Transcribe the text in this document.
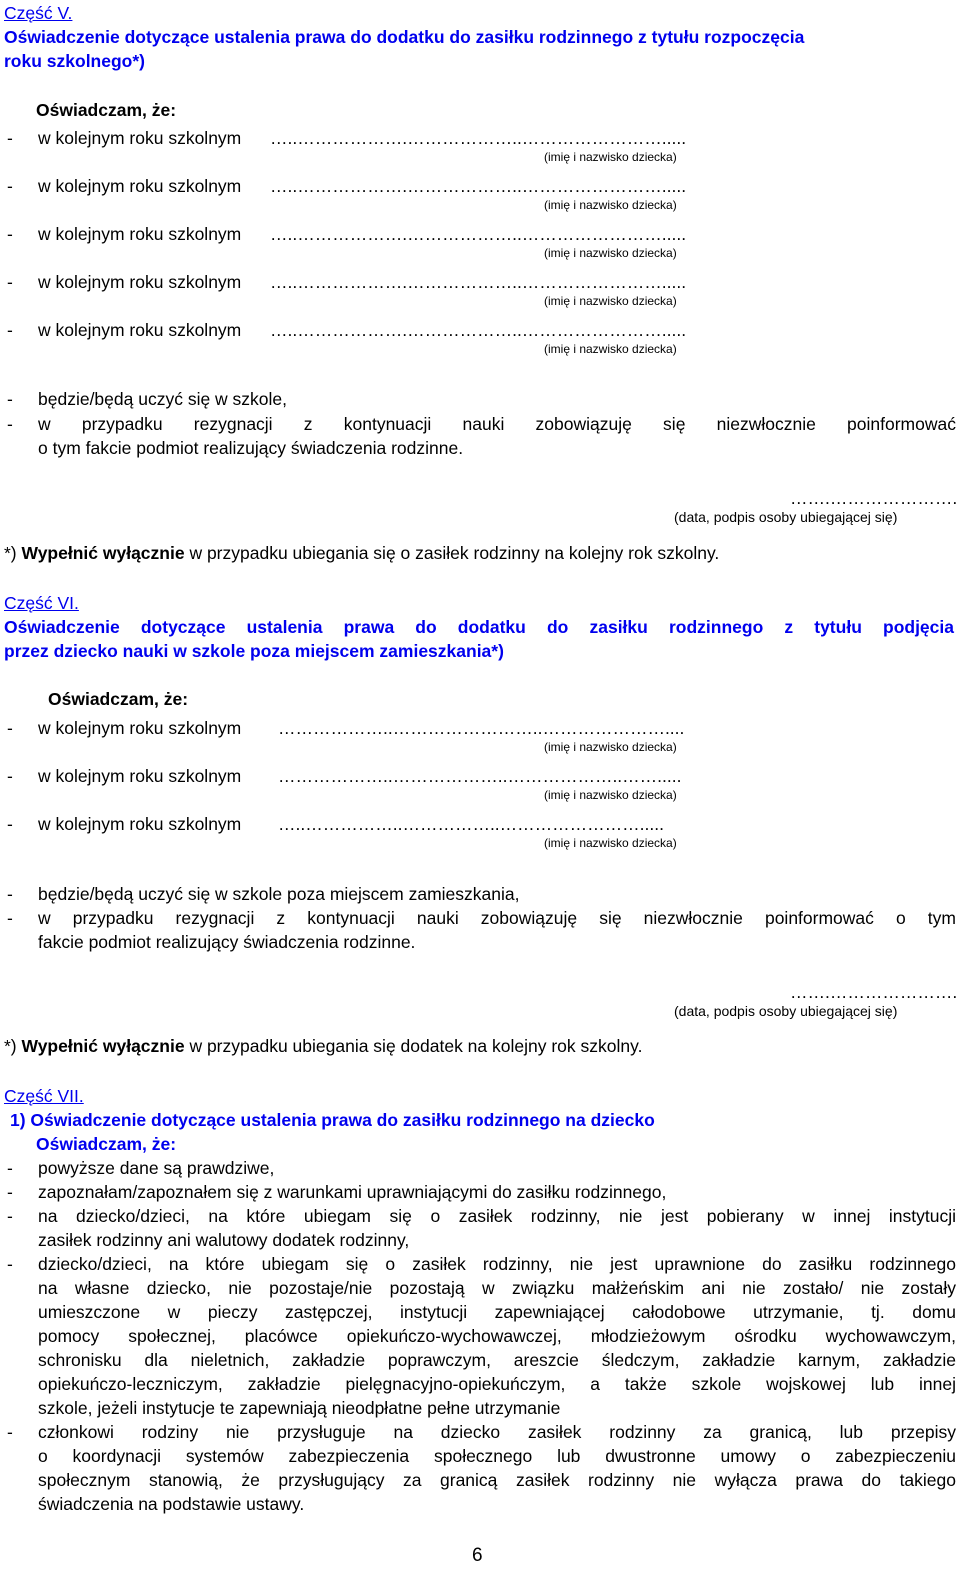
Część V.
Oświadczenie dotyczące ustalenia prawa do dodatku do zasiłku rodzinnego z tytułu rozpoczęcia
roku szkolnego*)
Oświadczam, że:
- w kolejnym roku szkolnym …..……………….………………..…………………….....
(imię i nazwisko dziecka)
- w kolejnym roku szkolnym …..……………….………………..…………………….....
(imię i nazwisko dziecka)
- w kolejnym roku szkolnym …..……………….………………..…………………….....
(imię i nazwisko dziecka)
- w kolejnym roku szkolnym …..……………….………………..…………………….....
(imię i nazwisko dziecka)
- w kolejnym roku szkolnym …..……………….………………..…………………….....
(imię i nazwisko dziecka)
- będzie/będą uczyć się w szkole,
- w przypadku rezygnacji z kontynuacji nauki zobowiązuję się niezwłocznie poinformować
o tym fakcie podmiot realizujący świadczenia rodzinne.
…….………………….
(data, podpis osoby ubiegającej się)
*) Wypełnić wyłącznie w przypadku ubiegania się o zasiłek rodzinny na kolejny rok szkolny.
Część VI.
Oświadczenie dotyczące ustalenia prawa do dodatku do zasiłku rodzinnego z tytułu podjęcia
przez dziecko nauki w szkole poza miejscem zamieszkania*)
Oświadczam, że:
- w kolejnym roku szkolnym ………………..……………………..…………………....
(imię i nazwisko dziecka)
- w kolejnym roku szkolnym ………………..………………..………………..…….....
(imię i nazwisko dziecka)
- w kolejnym roku szkolnym …..……………..……………..…………………….....
(imię i nazwisko dziecka)
- będzie/będą uczyć się w szkole poza miejscem zamieszkania,
- w przypadku rezygnacji z kontynuacji nauki zobowiązuję się niezwłocznie poinformować o tym
fakcie podmiot realizujący świadczenia rodzinne.
…….………………….
(data, podpis osoby ubiegającej się)
*) Wypełnić wyłącznie w przypadku ubiegania się dodatek na kolejny rok szkolny.
Część VII.
1) Oświadczenie dotyczące ustalenia prawa do zasiłku rodzinnego na dziecko
Oświadczam, że:
- powyższe dane są prawdziwe,
- zapoznałam/zapoznałem się z warunkami uprawniającymi do zasiłku rodzinnego,
- na dziecko/dzieci, na które ubiegam się o zasiłek rodzinny, nie jest pobierany w innej instytucji
zasiłek rodzinny ani walutowy dodatek rodzinny,
- dziecko/dzieci, na które ubiegam się o zasiłek rodzinny, nie jest uprawnione do zasiłku rodzinnego
na własne dziecko, nie pozostaje/nie pozostają w związku małżeńskim ani nie zostało/ nie zostały
umieszczone w pieczy zastępczej, instytucji zapewniającej całodobowe utrzymanie, tj. domu
pomocy społecznej, placówce opiekuńczo-wychowawczej, młodzieżowym ośrodku wychowawczym,
schronisku dla nieletnich, zakładzie poprawczym, areszcie śledczym, zakładzie karnym, zakładzie
opiekuńczo-leczniczym, zakładzie pielęgnacyjno-opiekuńczym, a także szkole wojskowej lub innej
szkole, jeżeli instytucje te zapewniają nieodpłatne pełne utrzymanie
- członkowi rodziny nie przysługuje na dziecko zasiłek rodzinny za granicą, lub przepisy
o koordynacji systemów zabezpieczenia społecznego lub dwustronne umowy o zabezpieczeniu
społecznym stanowią, że przysługujący za granicą zasiłek rodzinny nie wyłącza prawa do takiego
świadczenia na podstawie ustawy.
6
